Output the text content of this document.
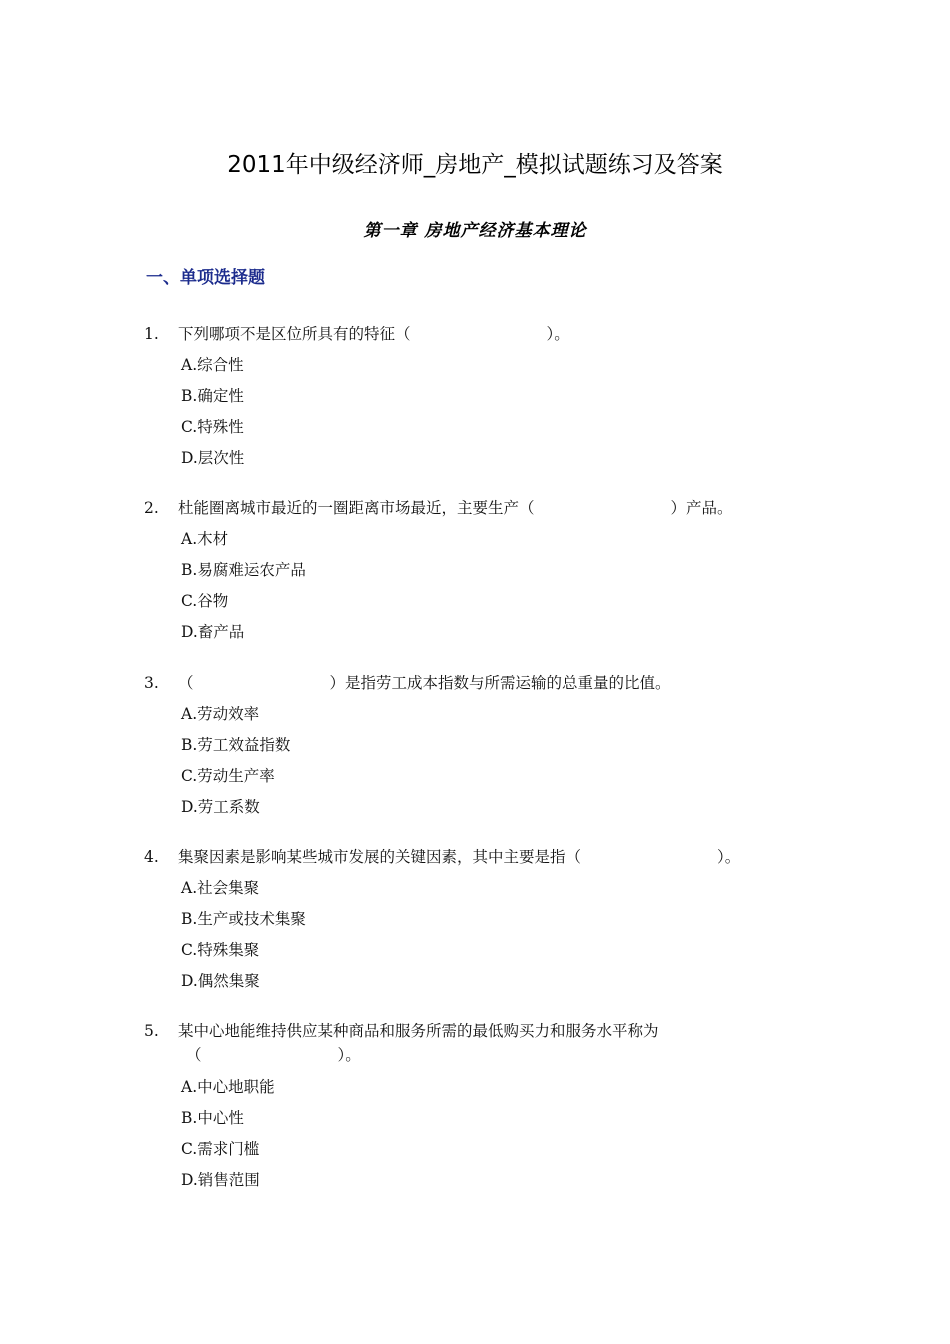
2011年中级经济师_房地产_模拟试题练习及答案
第一章 房地产经济基本理论
一、单项选择题
1. 下列哪项不是区位所具有的特征（	）。
A.综合性
B.确定性
C.特殊性
D.层次性
2. 杜能圈离城市最近的一圈距离市场最近，主要生产（	）产品。
A.木材
B.易腐难运农产品
C.谷物
D.畜产品
3. （	）是指劳工成本指数与所需运输的总重量的比值。
A.劳动效率
B.劳工效益指数
C.劳动生产率
D.劳工系数
4. 集聚因素是影响某些城市发展的关键因素，其中主要是指（	）。
A.社会集聚
B.生产或技术集聚
C.特殊集聚
D.偶然集聚
5. 某中心地能维持供应某种商品和服务所需的最低购买力和服务水平称为
（	）。
A.中心地职能
B.中心性
C.需求门槛
D.销售范围
